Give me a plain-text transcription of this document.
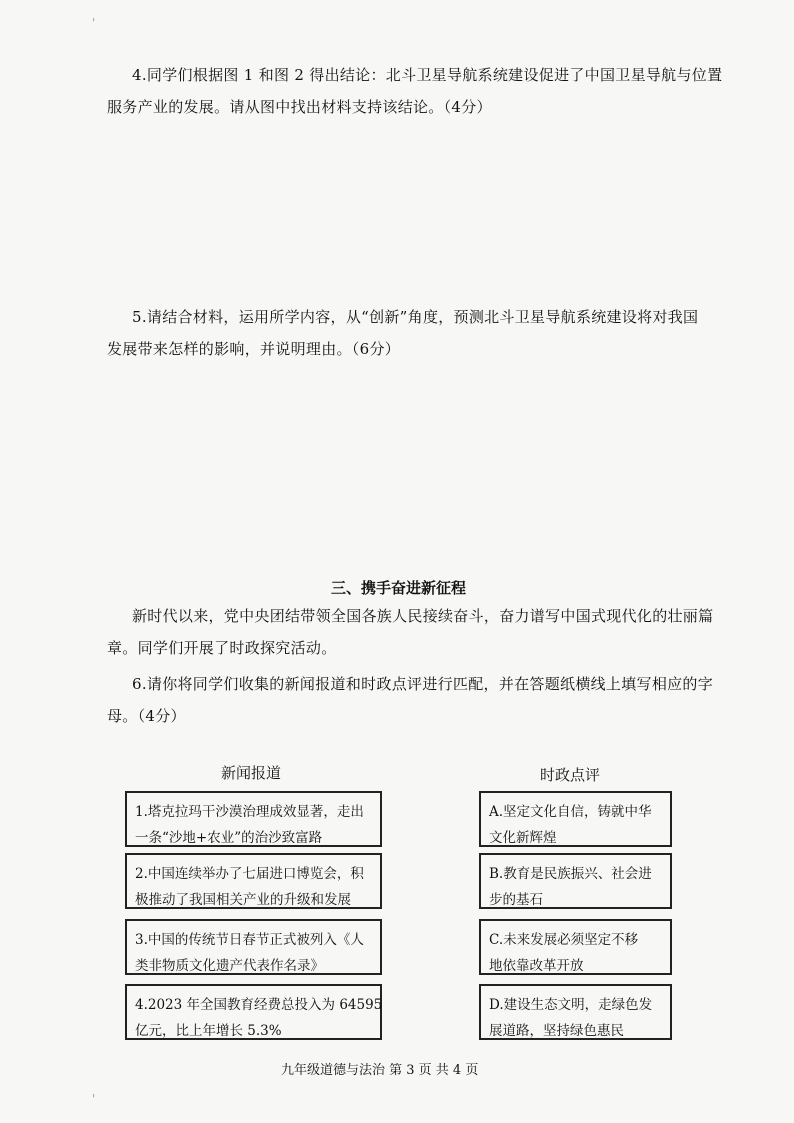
'
4.同学们根据图 1 和图 2 得出结论：北斗卫星导航系统建设促进了中国卫星导航与位置
服务产业的发展。请从图中找出材料支持该结论。（4分）
5.请结合材料，运用所学内容，从“创新”角度，预测北斗卫星导航系统建设将对我国
发展带来怎样的影响，并说明理由。（6分）
三、携手奋进新征程
新时代以来，党中央团结带领全国各族人民接续奋斗，奋力谱写中国式现代化的壮丽篇
章。同学们开展了时政探究活动。
6.请你将同学们收集的新闻报道和时政点评进行匹配，并在答题纸横线上填写相应的字
母。（4分）
新闻报道	时政点评
1.塔克拉玛干沙漠治理成效显著，走出
一条“沙地+农业”的治沙致富路
2.中国连续举办了七届进口博览会，积
极推动了我国相关产业的升级和发展
3.中国的传统节日春节正式被列入《人
类非物质文化遗产代表作名录》
4.2023 年全国教育经费总投入为 64595
亿元，比上年增长 5.3%
A.坚定文化自信，铸就中华
文化新辉煌
B.教育是民族振兴、社会进
步的基石
C.未来发展必须坚定不移
地依靠改革开放
D.建设生态文明，走绿色发
展道路，坚持绿色惠民
九年级道德与法治 第 3 页 共 4 页
'
